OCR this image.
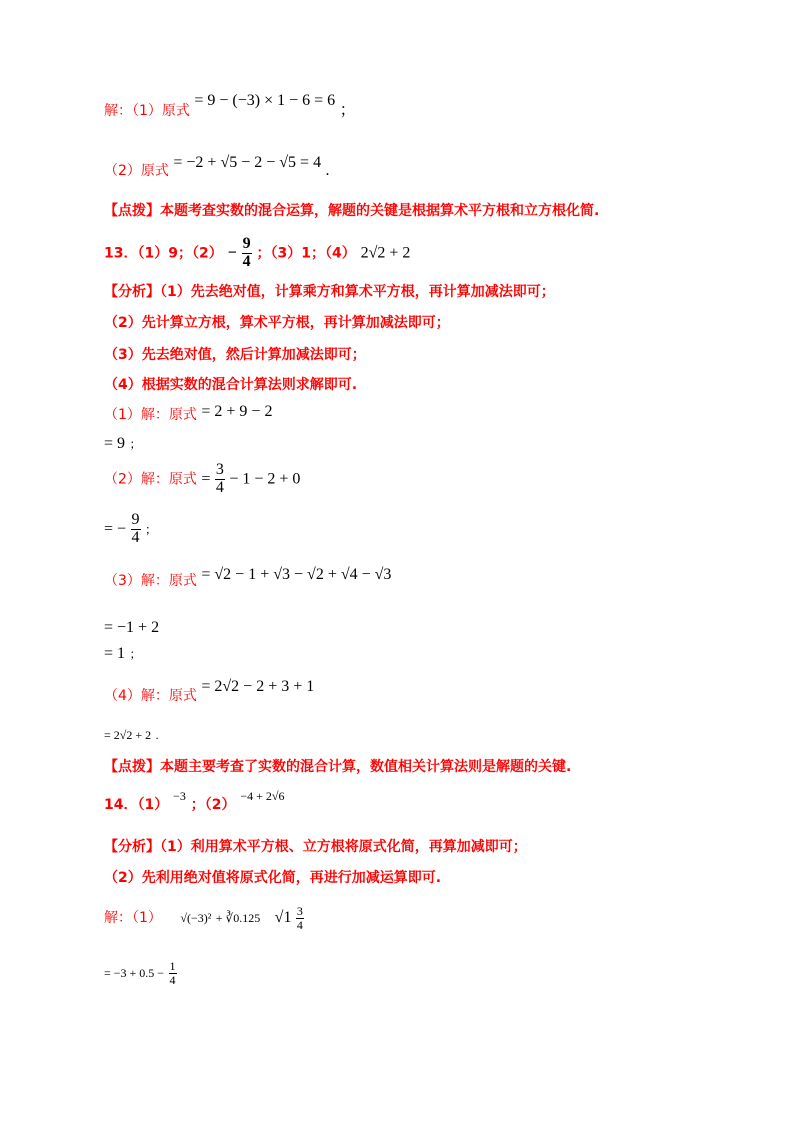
解：（1）原式 = 9 − (−3) × 1 − 6 = 6 ；
（2）原式 = −2 + √5 − 2 − √5 = 4 .
【点拨】本题考查实数的混合运算，解题的关键是根据算术平方根和立方根化简.
13．（1）9；$(2) - \frac{9}{4}$ ；（3）1；（4） 2√2 + 2
【分析】（1）先去绝对值，计算乘方和算术平方根，再计算加减法即可；
（2）先计算立方根，算术平方根，再计算加减法即可；
（3）先去绝对值，然后计算加减法即可；
（4）根据实数的混合计算法则求解即可.
（1）解：原式 = 2 + 9 − 2
= 9 ；
（2）解：原式 = $\frac{3}{4} - 1 - 2 + 0$
= − $\frac{9}{4}$ ；
（3）解：原式 = √2 − 1 + √3 − √2 + √4 − √3
= −1 + 2
= 1 ；
（4）解：原式 = 2√2 − 2 + 3 + 1
= 2√2 + 2 .
【点拨】本题主要考查了实数的混合计算，数值相关计算法则是解题的关键.
14．（1） −3 ；（2） −4 + 2√6
【分析】（1）利用算术平方根、立方根将原式化简，再算加减即可；
（2）先利用绝对值将原式化简，再进行加减运算即可.
解：（1） √(−3)² + ∛0.125 $√1 \frac{3}{4}$
= $-3 + 0.5 - \frac{1}{4}$
